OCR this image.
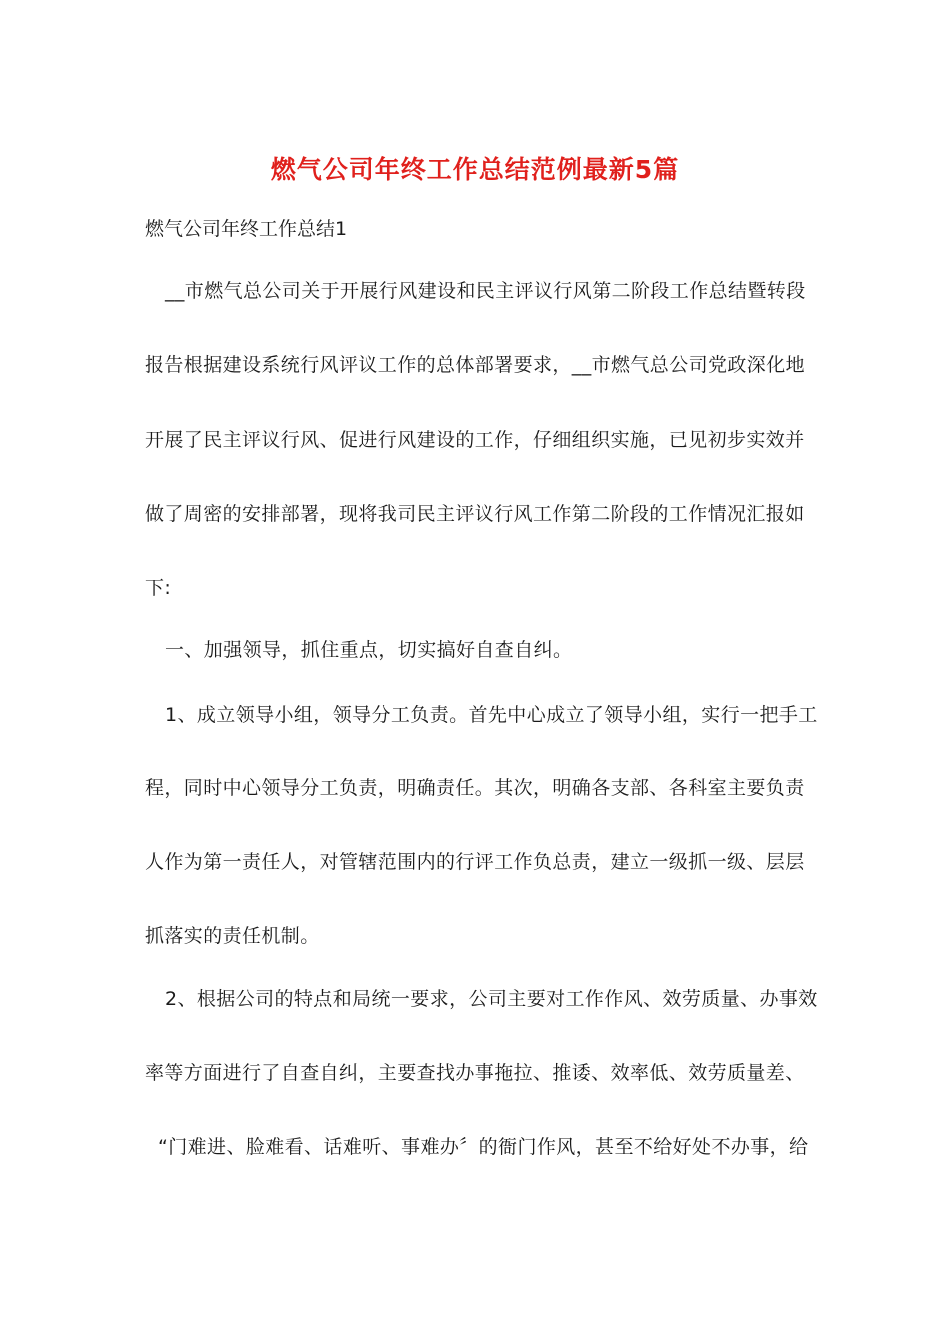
燃气公司年终工作总结范例最新5篇
燃气公司年终工作总结1
__市燃气总公司关于开展行风建设和民主评议行风第二阶段工作总结暨转段
报告根据建设系统行风评议工作的总体部署要求，__市燃气总公司党政深化地
开展了民主评议行风、促进行风建设的工作，仔细组织实施，已见初步实效并
做了周密的安排部署，现将我司民主评议行风工作第二阶段的工作情况汇报如
下:
一、加强领导，抓住重点，切实搞好自查自纠。
1、成立领导小组，领导分工负责。首先中心成立了领导小组，实行一把手工
程，同时中心领导分工负责，明确责任。其次，明确各支部、各科室主要负责
人作为第一责任人，对管辖范围内的行评工作负总责，建立一级抓一级、层层
抓落实的责任机制。
2、根据公司的特点和局统一要求，公司主要对工作作风、效劳质量、办事效
率等方面进行了自查自纠，主要查找办事拖拉、推诿、效率低、效劳质量差、
“门难进、脸难看、话难听、事难办〞的衙门作风，甚至不给好处不办事，给
